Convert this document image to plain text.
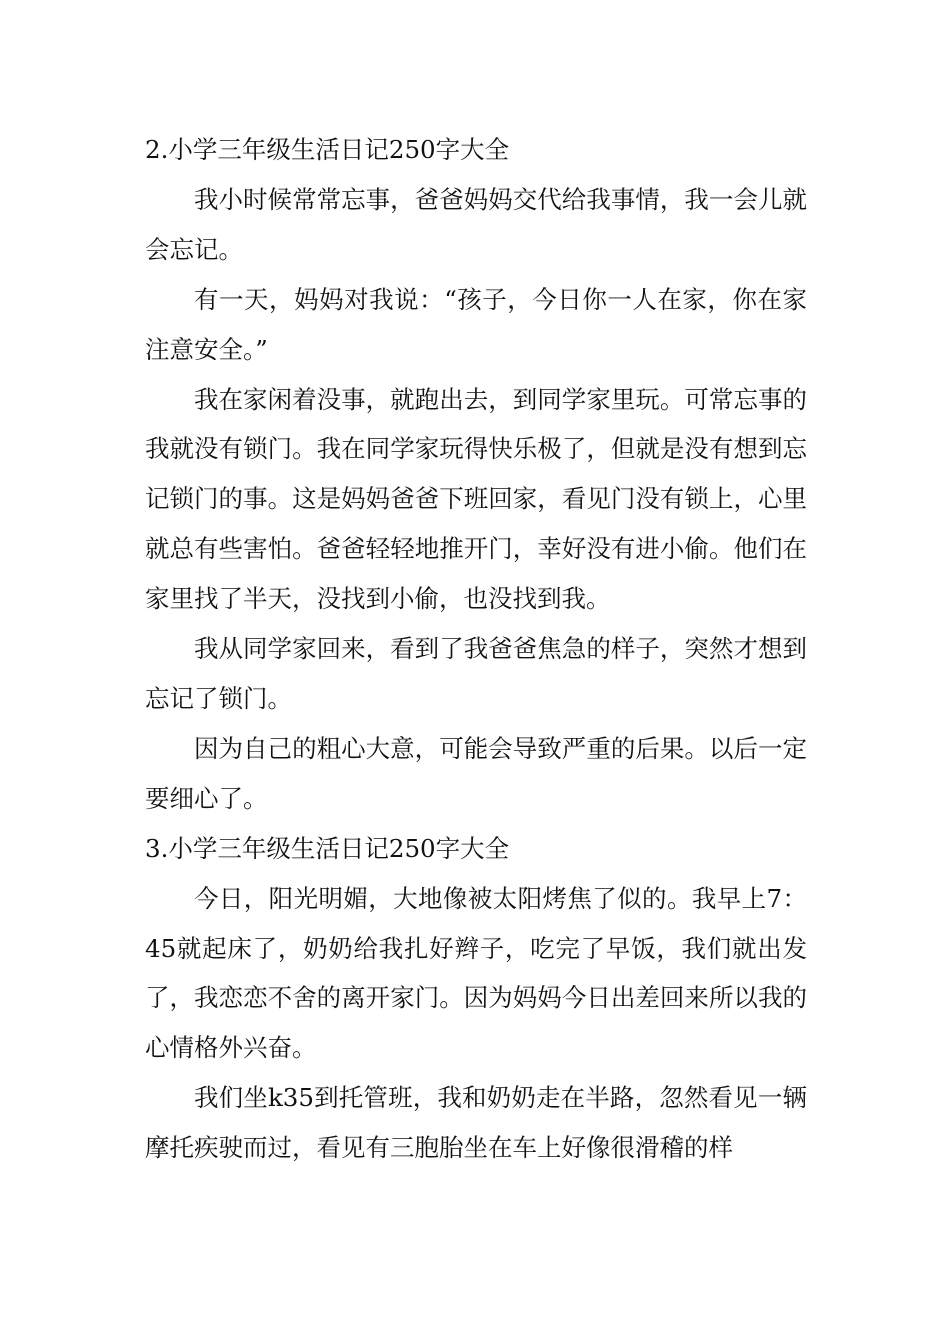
2.小学三年级生活日记250字大全

我小时候常常忘事，爸爸妈妈交代给我事情，我一会儿就会忘记。

有一天，妈妈对我说：“孩子，今日你一人在家，你在家注意安全。”

我在家闲着没事，就跑出去，到同学家里玩。可常忘事的我就没有锁门。我在同学家玩得快乐极了，但就是没有想到忘记锁门的事。这是妈妈爸爸下班回家，看见门没有锁上，心里就总有些害怕。爸爸轻轻地推开门，幸好没有进小偷。他们在家里找了半天，没找到小偷，也没找到我。

我从同学家回来，看到了我爸爸焦急的样子，突然才想到忘记了锁门。

因为自己的粗心大意，可能会导致严重的后果。以后一定要细心了。

3.小学三年级生活日记250字大全

今日，阳光明媚，大地像被太阳烤焦了似的。我早上7：45就起床了，奶奶给我扎好辫子，吃完了早饭，我们就出发了，我恋恋不舍的离开家门。因为妈妈今日出差回来所以我的心情格外兴奋。

我们坐k35到托管班，我和奶奶走在半路，忽然看见一辆摩托疾驶而过，看见有三胞胎坐在车上好像很滑稽的样
